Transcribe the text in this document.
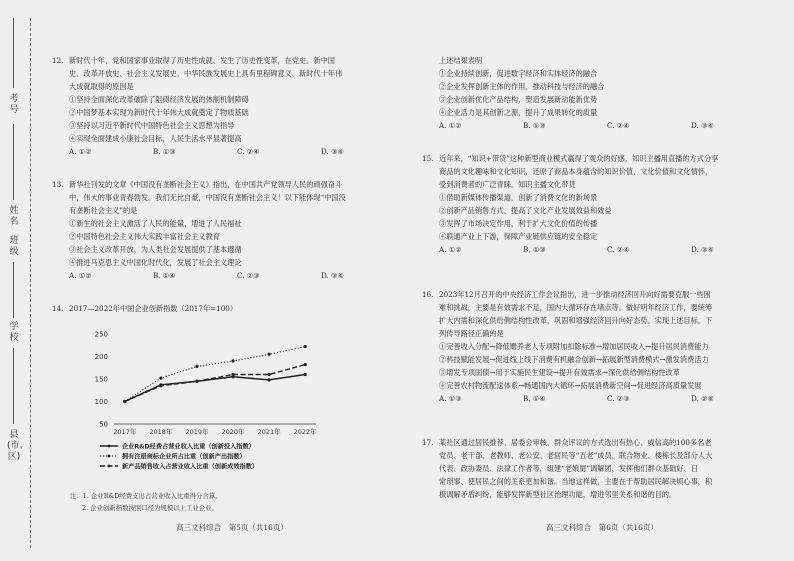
考号
姓名
班级
学校
县(市、区)

12. 新时代十年，党和国家事业取得了历史性成就、发生了历史性变革，在党史、新中国

史、改革开放史、社会主义发展史、中华民族发展史上具有里程碑意义。新时代十年伟

大成就取得的原因是

①坚持全面深化改革破除了阻碍经济发展的体制机制障碍

②中国梦基本实现为新时代十年伟大成就奠定了物质基础

③坚持以习近平新时代中国特色社会主义思想为指导

④实现全面建成小康社会目标，人民生活水平显著提高

A. ①②	B. ①③	C. ②④	D. ③④

13. 新华社刊发的文章《中国没有垄断社会主义》指出，在中国共产党领导人民的顽强奋斗

中，伟大的事业青春勃发。我们无比自豪，中国没有垄断社会主义！以下能体现“中国没

有垄断社会主义”的是

①新生的社会主义激活了人民的能量，增进了人民福祉

②中国特色社会主义伟大实践丰富社会主义教育

③社会主义改革开放，为人类社会发展提供了基本遵循

④推进马克思主义中国化时代化，发展了社会主义理论

A. ①②	B. ①④	C. ②③	D. ③④

14. 2017—2022年中国企业创新指数（2017年=100）

50
100
150
200
250
2017年 2018年 2019年 2020年 2021年 2022年
企业R&D经费占营业收入比重（创新投入指数）
拥有注册商标企业所占比重（创新产出指数）
新产品销售收入占营业收入比重（创新成效指数）

注：1. 企业R&D经费支出占营业收入比重得分合算。

2. 企业创新指数按照口径为规模以上工业企业。

高三文科综合　第5页（共16页）

上述结果表明

①企业持续创新，促进数字经济和实体经济的融合

②企业发挥创新主体的作用，推动科技与经济的融合

③企业创新优化产品结构，塑造发展新动能新优势

④企业活力是其创新之源，提升了成果转化的质量

A. ①②	B. ①③	C. ②④	D. ③④

15. 近年来，“知识+带货”这种新型商业模式赢得了观众的好感，知识主播用直播的方式分享

商品的文化趣味和文化知识，还原了商品本身蕴含的知识价值，文化价值和文化情怀，

受到消费者的广泛青睐。知识主播文化带货

①借助新媒体传播渠道，创新了消费文化的新场景

②创新产品销售方式，提高了文化产业发展效益和效益

③发挥了市场决定作用，利于扩大文化价值的传播

④联通产业上下游，保障产业链供应链的安全稳定

A. ①②	B. ①③	C. ②④	D. ③④

16. 2023年12月召开的中央经济工作会议指出，进一步推动经济回升向好需要克服一些困

难和挑战，主要是有效需求不足，国内大循环存在堵点等。做好明年经济工作，要统筹

扩大内需和深化供给侧结构性改革，巩固和增强经济回升向好态势。实现上述目标，下

列传导路径正确的是

①完善收入分配→降低赡养老人专项附加扣除标准→增加居民收入→提升居民消费能力

②科技赋能发展→促进线上线下消费有机融合创新→拓展新型消费模式→激发消费活力

③增发专项国债→用于实施民生建设→提升有效需求→深化供给侧结构性改革

④完善农村物流配送体系→畅通国内大循环→拓展消费新空间→促进经济高质量发展

A. ①③	B. ①④	C. ②③	D. ②④

17. 某社区通过居民推荐、居委会审核、群众评议的方式选出有热心、威信高的100多名老

党员、老干部、老教师、老公安、老居民等“五老”成员，联合物业、楼栋长及部分人大

代表、政协委员、法律工作者等，组建“老娘舅”调解团，发挥他们群众基础好、日

常琐事、使居民之间的关系更加和谐。当地这样做，主要在于帮助居民解决烦心事，积

极调解矛盾纠纷，能够发挥新型社区治理功能，增进邻里关系和谐的目的。

高三文科综合　第6页（共16页）
